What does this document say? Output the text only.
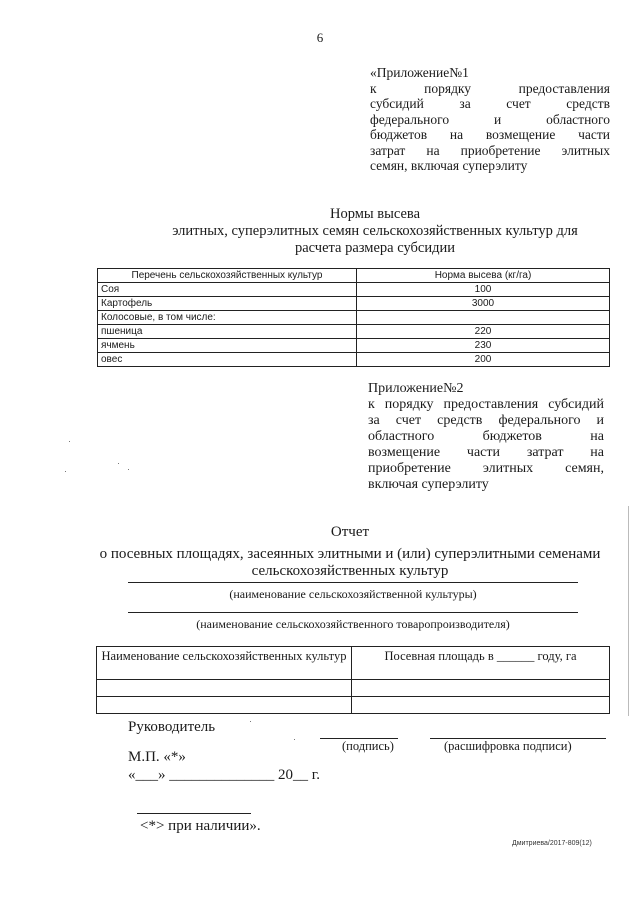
6
«Приложение№1

к порядку предоставления

субсидий за счет средств

федерального и областного

бюджетов на возмещение части

затрат на приобретение элитных

семян, включая суперэлиту

Нормы высева
элитных, суперэлитных семян сельскохозяйственных культур для
расчета размера субсидии
Перечень сельскохозяйственных культур	Норма высева (кг/га)
Соя	100
Картофель	3000
Колосовые, в том числе:	
пшеница	220
ячмень	230
овес	200
Приложение№2

к порядку предоставления субсидий

за счет средств федерального и

областного бюджетов на

возмещение части затрат на

приобретение элитных семян,

включая суперэлиту

Отчет
о посевных площадях, засеянных элитными и (или) суперэлитными семенами
сельскохозяйственных культур
(наименование сельскохозяйственной культуры)
(наименование сельскохозяйственного товаропроизводителя)
Наименование сельскохозяйственных культур	Посевная площадь в ______ году, га

Руководитель
(подпись)	(расшифровка подписи)
М.П. «*»
«___» ______________ 20__ г.
<*> при наличии».
Дмитриева/2017-809(12)
